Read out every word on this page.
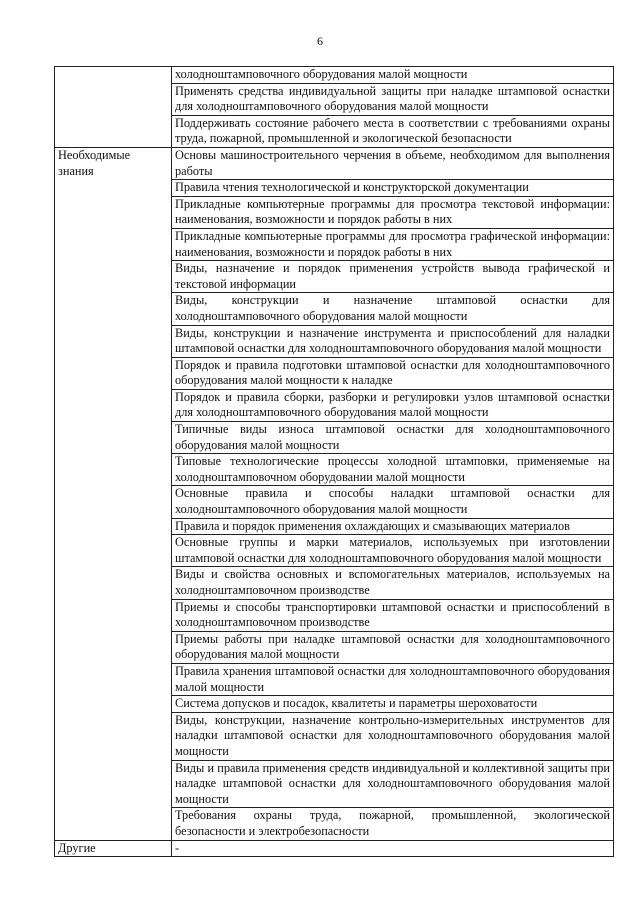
6
	холодноштамповочного оборудования малой мощности
	Применять средства индивидуальной защиты при наладке штамповой оснастки для холодноштамповочного оборудования малой мощности
	Поддерживать состояние рабочего места в соответствии с требованиями охраны труда, пожарной, промышленной и экологической безопасности

Необходимые знания	Основы машиностроительного черчения в объеме, необходимом для выполнения работы
	Правила чтения технологической и конструкторской документации
	Прикладные компьютерные программы для просмотра текстовой информации: наименования, возможности и порядок работы в них
	Прикладные компьютерные программы для просмотра графической информации: наименования, возможности и порядок работы в них
	Виды, назначение и порядок применения устройств вывода графической и текстовой информации
	Виды, конструкции и назначение штамповой оснастки для холодноштамповочного оборудования малой мощности
	Виды, конструкции и назначение инструмента и приспособлений для наладки штамповой оснастки для холодноштамповочного оборудования малой мощности
	Порядок и правила подготовки штамповой оснастки для холодноштамповочного оборудования малой мощности к наладке
	Порядок и правила сборки, разборки и регулировки узлов штамповой оснастки для холодноштамповочного оборудования малой мощности
	Типичные виды износа штамповой оснастки для холодноштамповочного оборудования малой мощности
	Типовые технологические процессы холодной штамповки, применяемые на холодноштамповочном оборудовании малой мощности
	Основные правила и способы наладки штамповой оснастки для холодноштамповочного оборудования малой мощности
	Правила и порядок применения охлаждающих и смазывающих материалов
	Основные группы и марки материалов, используемых при изготовлении штамповой оснастки для холодноштамповочного оборудования малой мощности
	Виды и свойства основных и вспомогательных материалов, используемых на холодноштамповочном производстве
	Приемы и способы транспортировки штамповой оснастки и приспособлений в холодноштамповочном производстве
	Приемы работы при наладке штамповой оснастки для холодноштамповочного оборудования малой мощности
	Правила хранения штамповой оснастки для холодноштамповочного оборудования малой мощности
	Система допусков и посадок, квалитеты и параметры шероховатости
	Виды, конструкции, назначение контрольно-измерительных инструментов для наладки штамповой оснастки для холодноштамповочного оборудования малой мощности
	Виды и правила применения средств индивидуальной и коллективной защиты при наладке штамповой оснастки для холодноштамповочного оборудования малой мощности
	Требования охраны труда, пожарной, промышленной, экологической безопасности и электробезопасности

Другие	-
